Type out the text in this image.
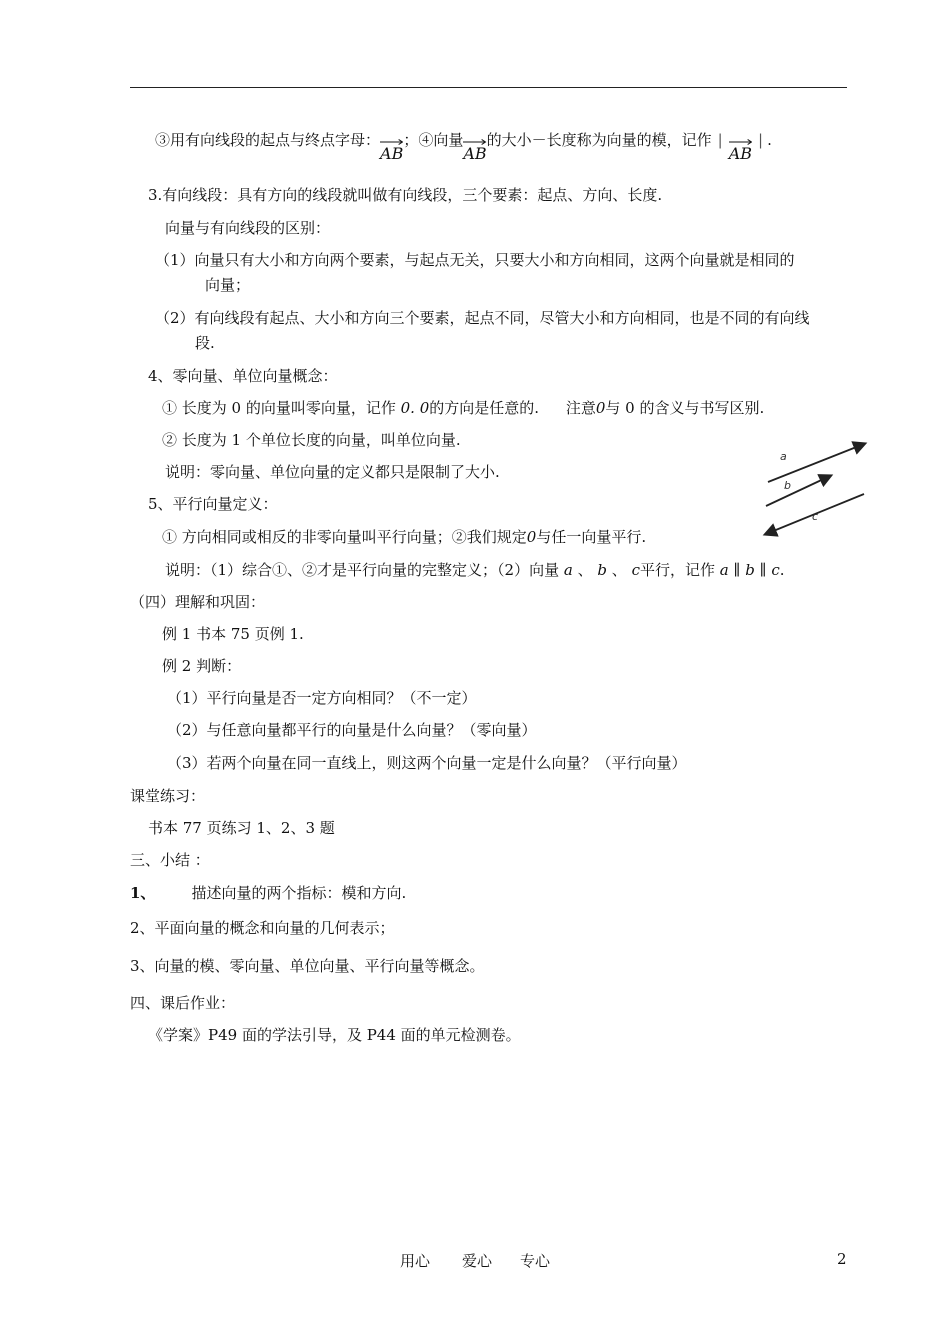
③用有向线段的起点与终点字母：
AB；④向量
AB的大小－长度称为向量的模，记作 |
AB| .
3.有向线段：具有方向的线段就叫做有向线段，三个要素：起点、方向、长度.
向量与有向线段的区别：
（1）向量只有大小和方向两个要素，与起点无关，只要大小和方向相同，这两个向量就是相同的
向量；
（2）有向线段有起点、大小和方向三个要素，起点不同，尽管大小和方向相同，也是不同的有向线
段.
4、零向量、单位向量概念：
① 长度为 0 的向量叫零向量，记作 0. 0的方向是任意的. 注意0与 0 的含义与书写区别.
② 长度为 1 个单位长度的向量，叫单位向量.
说明：零向量、单位向量的定义都只是限制了大小.
5、平行向量定义：
① 方向相同或相反的非零向量叫平行向量；②我们规定0与任一向量平行.
说明：（1）综合①、②才是平行向量的完整定义；（2）向量 a 、 b 、 c平行，记作 a ∥ b ∥ c.
a
b
c
（四）理解和巩固：
例 1 书本 75 页例 1.
例 2 判断：
（1）平行向量是否一定方向相同？（不一定）
（2）与任意向量都平行的向量是什么向量？（零向量）
（3）若两个向量在同一直线上，则这两个向量一定是什么向量？（平行向量）
课堂练习：
书本 77 页练习 1、2、3 题
三、小结 ：
1、 描述向量的两个指标：模和方向.
2、平面向量的概念和向量的几何表示；
3、向量的模、零向量、单位向量、平行向量等概念。
四、课后作业：
《学案》P49 面的学法引导，及 P44 面的单元检测卷。
用心 爱心 专心	2
